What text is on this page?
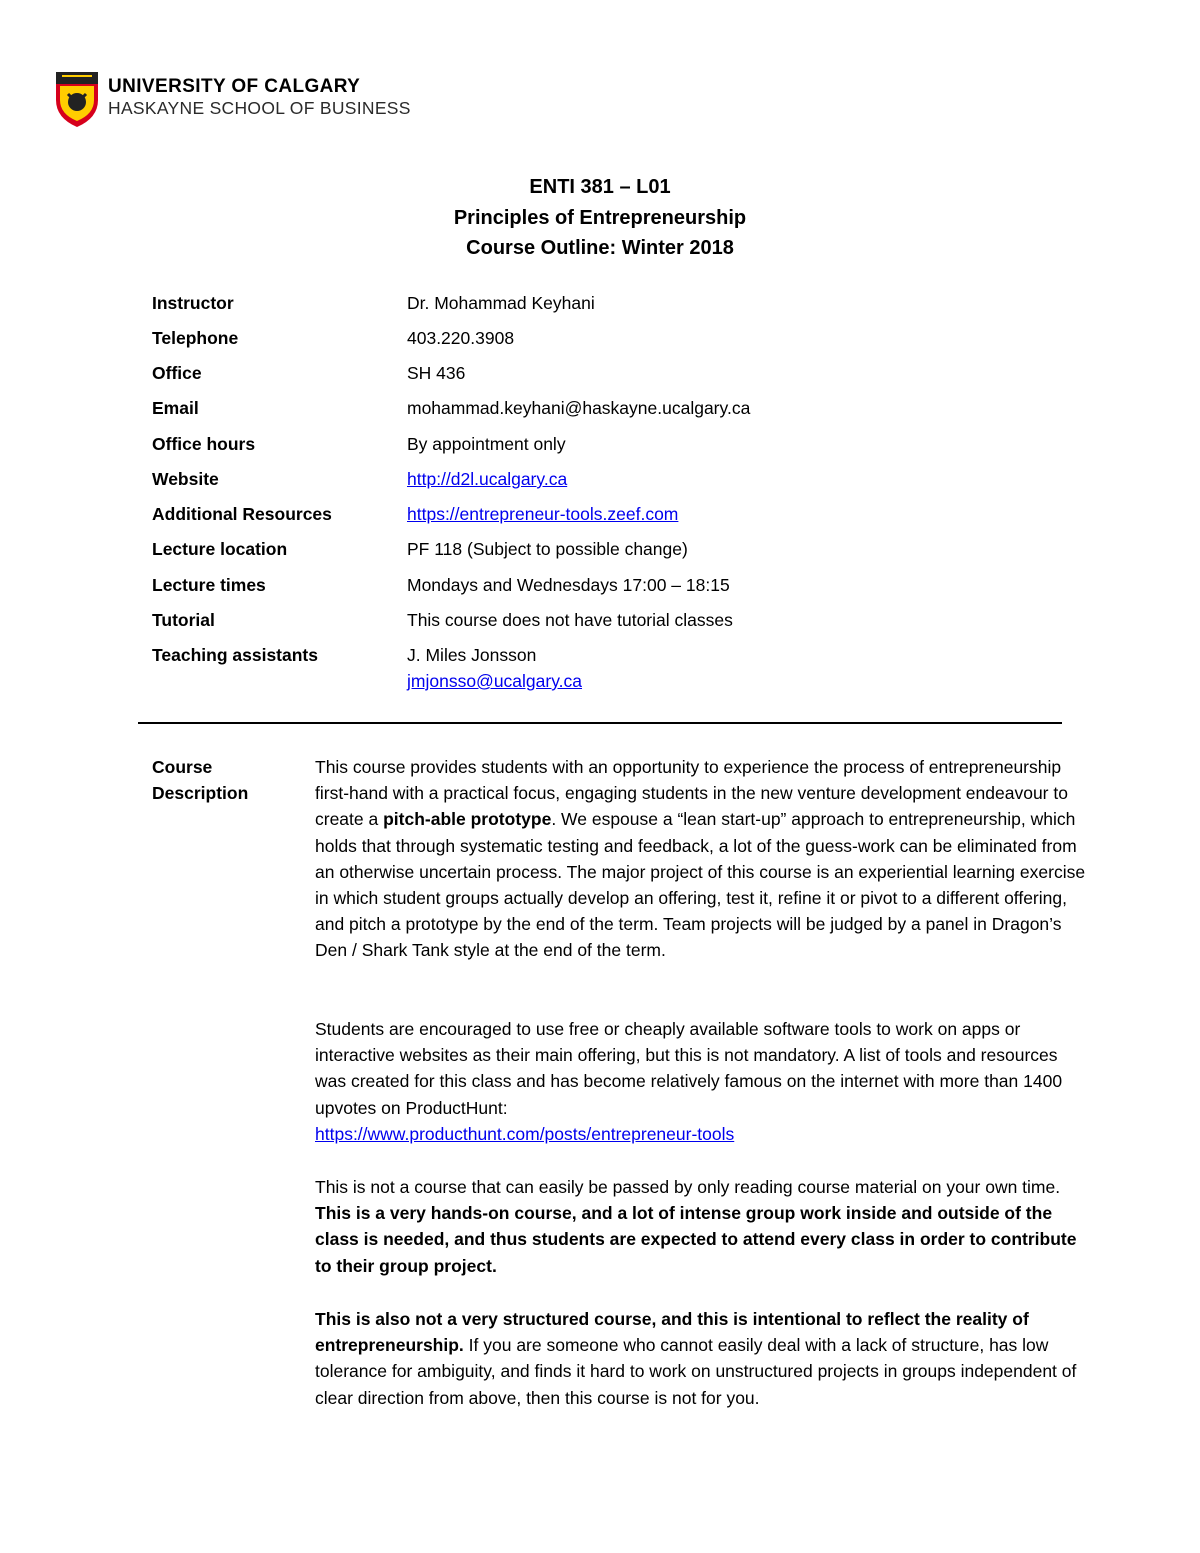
UNIVERSITY OF CALGARY
HASKAYNE SCHOOL OF BUSINESS
ENTI 381 – L01
Principles of Entrepreneurship
Course Outline: Winter 2018
Instructor	Dr. Mohammad Keyhani
Telephone	403.220.3908
Office	SH 436
Email	mohammad.keyhani@haskayne.ucalgary.ca
Office hours	By appointment only
Website	http://d2l.ucalgary.ca
Additional Resources	https://entrepreneur-tools.zeef.com
Lecture location	PF 118 (Subject to possible change)
Lecture times	Mondays and Wednesdays 17:00 – 18:15
Tutorial	This course does not have tutorial classes
Teaching assistants	J. Miles Jonsson
jmjonsso@ucalgary.ca
Course
Description

This course provides students with an opportunity to experience the process of entrepreneurship first-hand with a practical focus, engaging students in the new venture development endeavour to create a pitch-able prototype. We espouse a “lean start-up” approach to entrepreneurship, which holds that through systematic testing and feedback, a lot of the guess-work can be eliminated from an otherwise uncertain process. The major project of this course is an experiential learning exercise in which student groups actually develop an offering, test it, refine it or pivot to a different offering, and pitch a prototype by the end of the term. Team projects will be judged by a panel in Dragon’s Den / Shark Tank style at the end of the term.

Students are encouraged to use free or cheaply available software tools to work on apps or interactive websites as their main offering, but this is not mandatory. A list of tools and resources was created for this class and has become relatively famous on the internet with more than 1400 upvotes on ProductHunt:
https://www.producthunt.com/posts/entrepreneur-tools

This is not a course that can easily be passed by only reading course material on your own time. This is a very hands-on course, and a lot of intense group work inside and outside of the class is needed, and thus students are expected to attend every class in order to contribute to their group project.

This is also not a very structured course, and this is intentional to reflect the reality of entrepreneurship. If you are someone who cannot easily deal with a lack of structure, has low tolerance for ambiguity, and finds it hard to work on unstructured projects in groups independent of clear direction from above, then this course is not for you.
